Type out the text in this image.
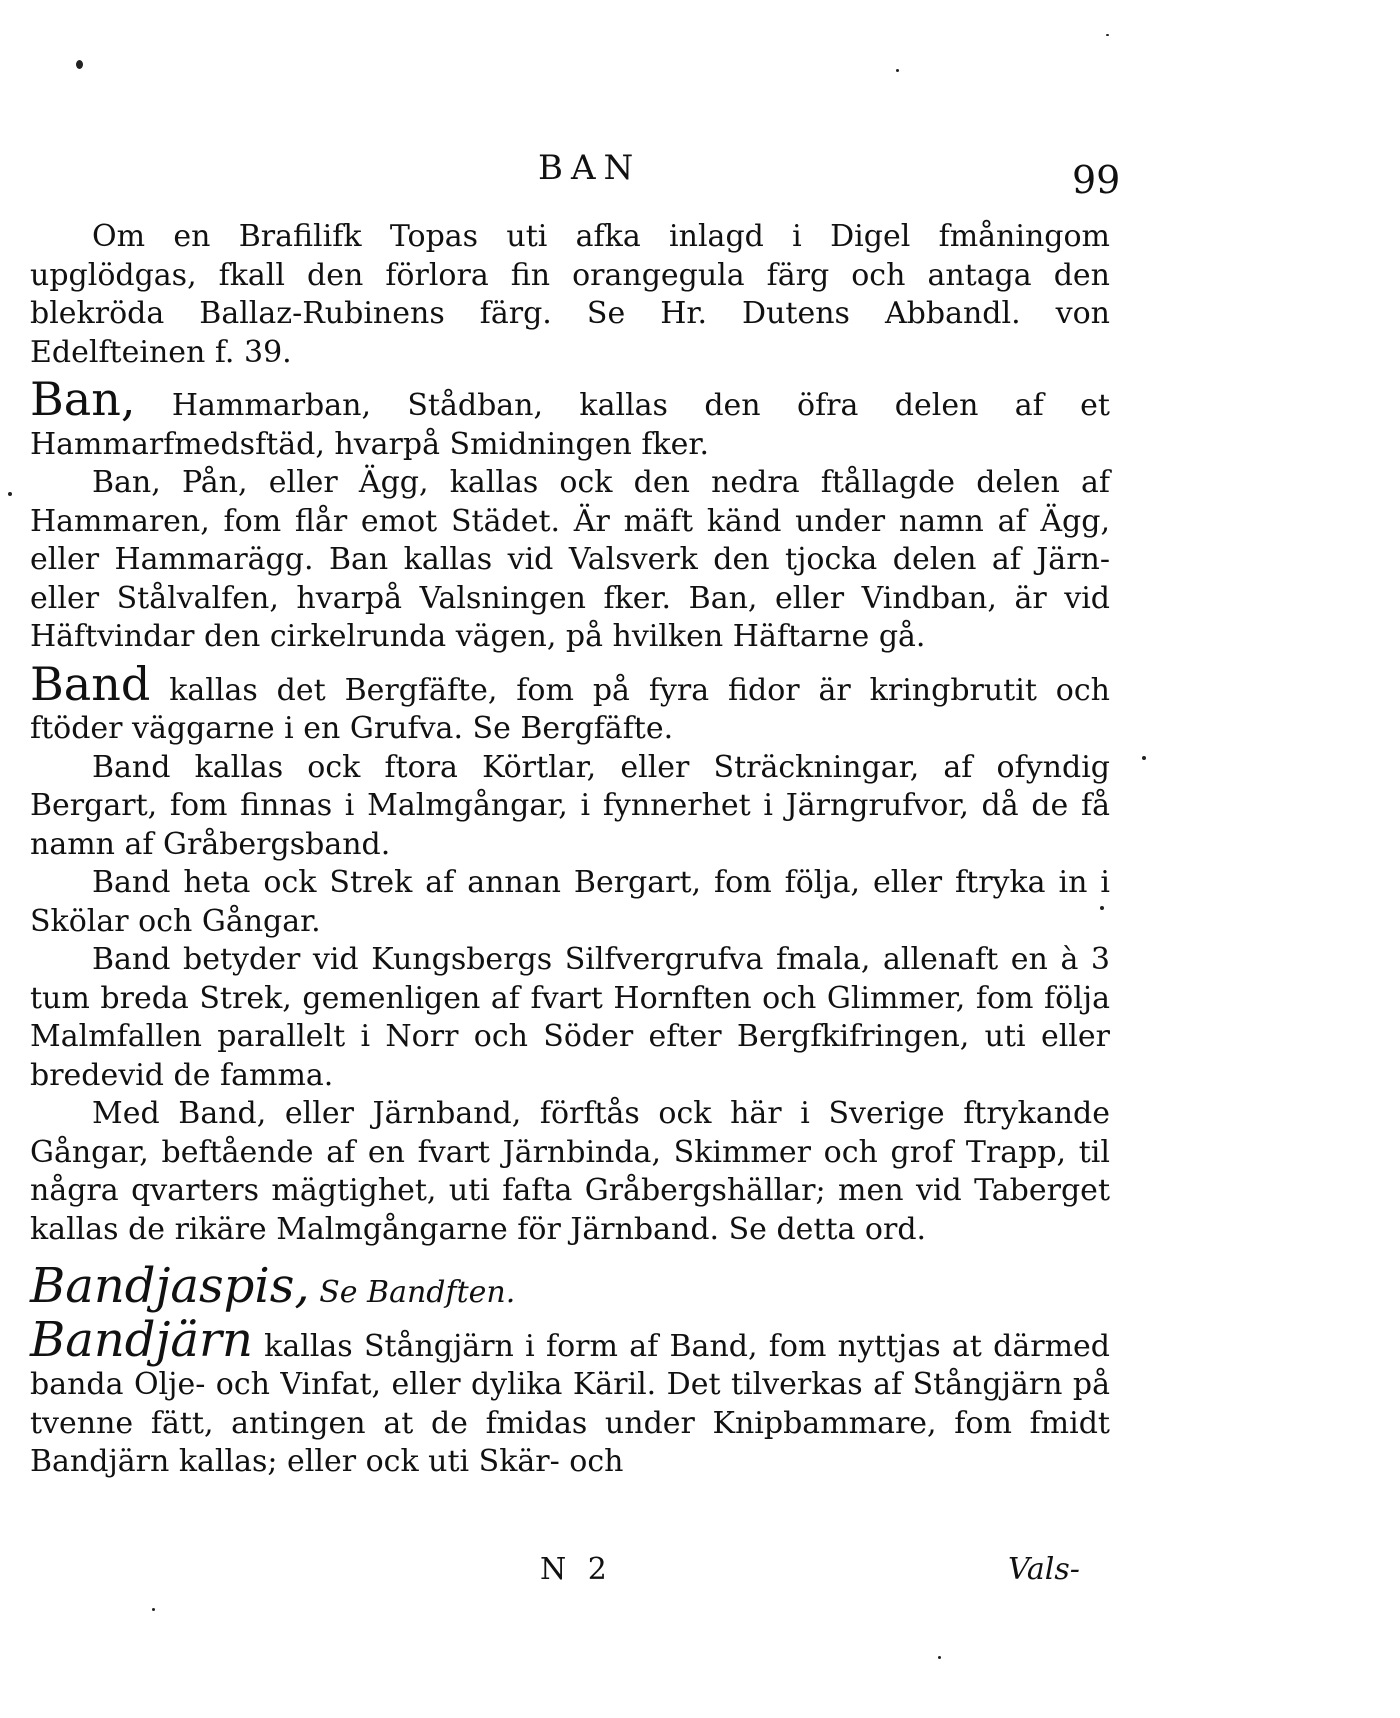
BAN	99

Om en Brafilifk Topas uti afka inlagd i Digel fmåningom upglödgas, fkall den förlora fin orangegula färg och antaga den blekröda Ballaz-Rubinens färg. Se Hr. Dutens Abbandl. von Edelfteinen f. 39.

Ban, Hammarban, Stådban, kallas den öfra delen af et Hammarfmedsftäd, hvarpå Smidningen fker.

Ban, Pån, eller Ägg, kallas ock den nedra ftållagde delen af Hammaren, fom flår emot Städet. Är mäft känd under namn af Ägg, eller Hammarägg. Ban kallas vid Valsverk den tjocka delen af Järn- eller Stålvalfen, hvarpå Valsningen fker. Ban, eller Vindban, är vid Häftvindar den cirkelrunda vägen, på hvilken Häftarne gå.

Band kallas det Bergfäfte, fom på fyra fidor är kringbrutit och ftöder väggarne i en Grufva. Se Bergfäfte.

Band kallas ock ftora Körtlar, eller Sträckningar, af ofyndig Bergart, fom finnas i Malmgångar, i fynnerhet i Järngrufvor, då de få namn af Gråbergsband.

Band heta ock Strek af annan Bergart, fom följa, eller ftryka in i Skölar och Gångar.

Band betyder vid Kungsbergs Silfvergrufva fmala, allenaft en à 3 tum breda Strek, gemenligen af fvart Hornften och Glimmer, fom följa Malmfallen parallelt i Norr och Söder efter Bergfkifringen, uti eller bredevid de famma.

Med Band, eller Järnband, förftås ock här i Sverige ftrykande Gångar, beftående af en fvart Järnbinda, Skimmer och grof Trapp, til några qvarters mägtighet, uti fafta Gråbergshällar; men vid Taberget kallas de rikäre Malmgångarne för Järnband. Se detta ord.

Bandjaspis, Se Bandften.

Bandjärn kallas Stångjärn i form af Band, fom nyttjas at därmed banda Olje- och Vinfat, eller dylika Käril. Det tilverkas af Stångjärn på tvenne fätt, antingen at de fmidas under Knipbammare, fom fmidt Bandjärn kallas; eller ock uti Skär- och

N 2	Vals-
